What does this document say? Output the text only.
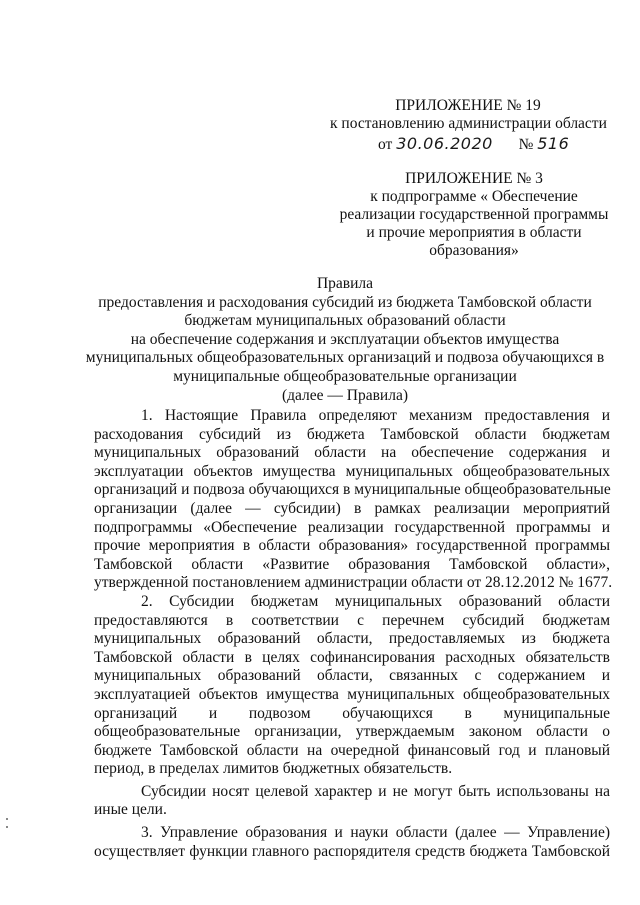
ПРИЛОЖЕНИЕ № 19
к постановлению администрации области
от 30.06.2020 № 516
ПРИЛОЖЕНИЕ № 3
к подпрограмме « Обеспечение
реализации государственной программы
и прочие мероприятия в области
образования»
Правила
предоставления и расходования субсидий из бюджета Тамбовской области
бюджетам муниципальных образований области
на обеспечение содержания и эксплуатации объектов имущества
муниципальных общеобразовательных организаций и подвоза обучающихся в
муниципальные общеобразовательные организации
(далее — Правила)
1. Настоящие Правила определяют механизм предоставления и
расходования субсидий из бюджета Тамбовской области бюджетам
муниципальных образований области на обеспечение содержания и
эксплуатации объектов имущества муниципальных общеобразовательных
организаций и подвоза обучающихся в муниципальные общеобразовательные
организации (далее — субсидии) в рамках реализации мероприятий
подпрограммы «Обеспечение реализации государственной программы и
прочие мероприятия в области образования» государственной программы
Тамбовской области «Развитие образования Тамбовской области»,
утвержденной постановлением администрации области от 28.12.2012 № 1677.
2. Субсидии бюджетам муниципальных образований области
предоставляются в соответствии с перечнем субсидий бюджетам
муниципальных образований области, предоставляемых из бюджета
Тамбовской области в целях софинансирования расходных обязательств
муниципальных образований области, связанных с содержанием и
эксплуатацией объектов имущества муниципальных общеобразовательных
организаций и подвозом обучающихся в муниципальные
общеобразовательные организации, утверждаемым законом области о
бюджете Тамбовской области на очередной финансовый год и плановый
период, в пределах лимитов бюджетных обязательств.
Субсидии носят целевой характер и не могут быть использованы на
иные цели.
3. Управление образования и науки области (далее — Управление)
осуществляет функции главного распорядителя средств бюджета Тамбовской
